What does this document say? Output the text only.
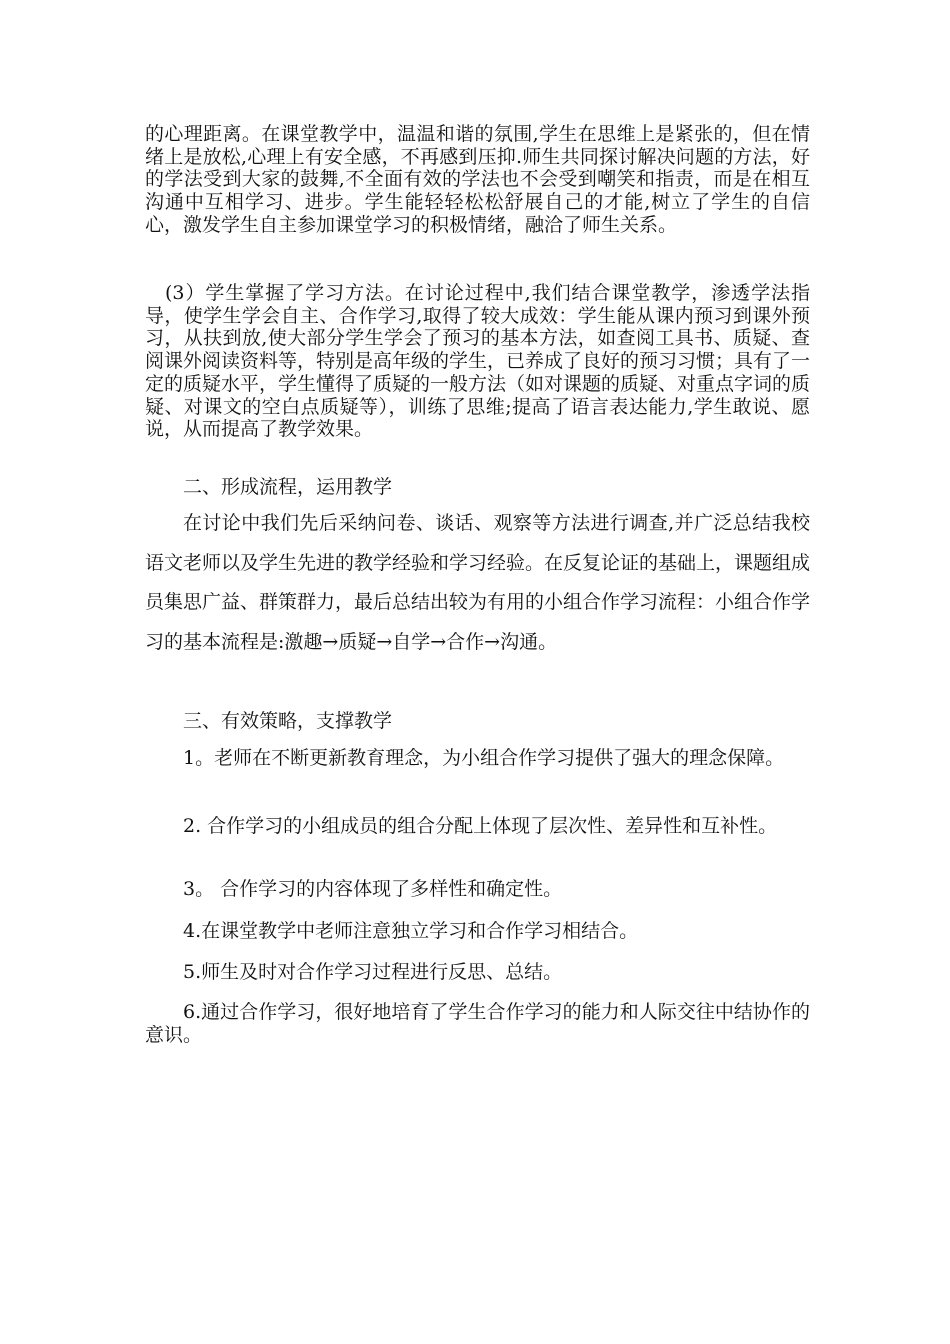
的心理距离。在课堂教学中，温温和谐的氛围,学生在思维上是紧张的，但在情绪上是放松,心理上有安全感，不再感到压抑.师生共同探讨解决问题的方法，好的学法受到大家的鼓舞,不全面有效的学法也不会受到嘲笑和指责，而是在相互沟通中互相学习、进步。学生能轻轻松松舒展自己的才能,树立了学生的自信心，激发学生自主参加课堂学习的积极情绪，融洽了师生关系。

(3）学生掌握了学习方法。在讨论过程中,我们结合课堂教学，渗透学法指导，使学生学会自主、合作学习,取得了较大成效：学生能从课内预习到课外预习，从扶到放,使大部分学生学会了预习的基本方法，如查阅工具书、质疑、查阅课外阅读资料等，特别是高年级的学生，已养成了良好的预习习惯；具有了一定的质疑水平，学生懂得了质疑的一般方法（如对课题的质疑、对重点字词的质疑、对课文的空白点质疑等），训练了思维;提高了语言表达能力,学生敢说、愿说，从而提高了教学效果。

二、形成流程，运用教学

在讨论中我们先后采纳问卷、谈话、观察等方法进行调查,并广泛总结我校语文老师以及学生先进的教学经验和学习经验。在反复论证的基础上，课题组成员集思广益、群策群力，最后总结出较为有用的小组合作学习流程：小组合作学习的基本流程是:激趣→质疑→自学→合作→沟通。

三、有效策略，支撑教学

1。老师在不断更新教育理念，为小组合作学习提供了强大的理念保障。

2. 合作学习的小组成员的组合分配上体现了层次性、差异性和互补性。

3。 合作学习的内容体现了多样性和确定性。

4.在课堂教学中老师注意独立学习和合作学习相结合。

5.师生及时对合作学习过程进行反思、总结。

6.通过合作学习，很好地培育了学生合作学习的能力和人际交往中结协作的意识。
